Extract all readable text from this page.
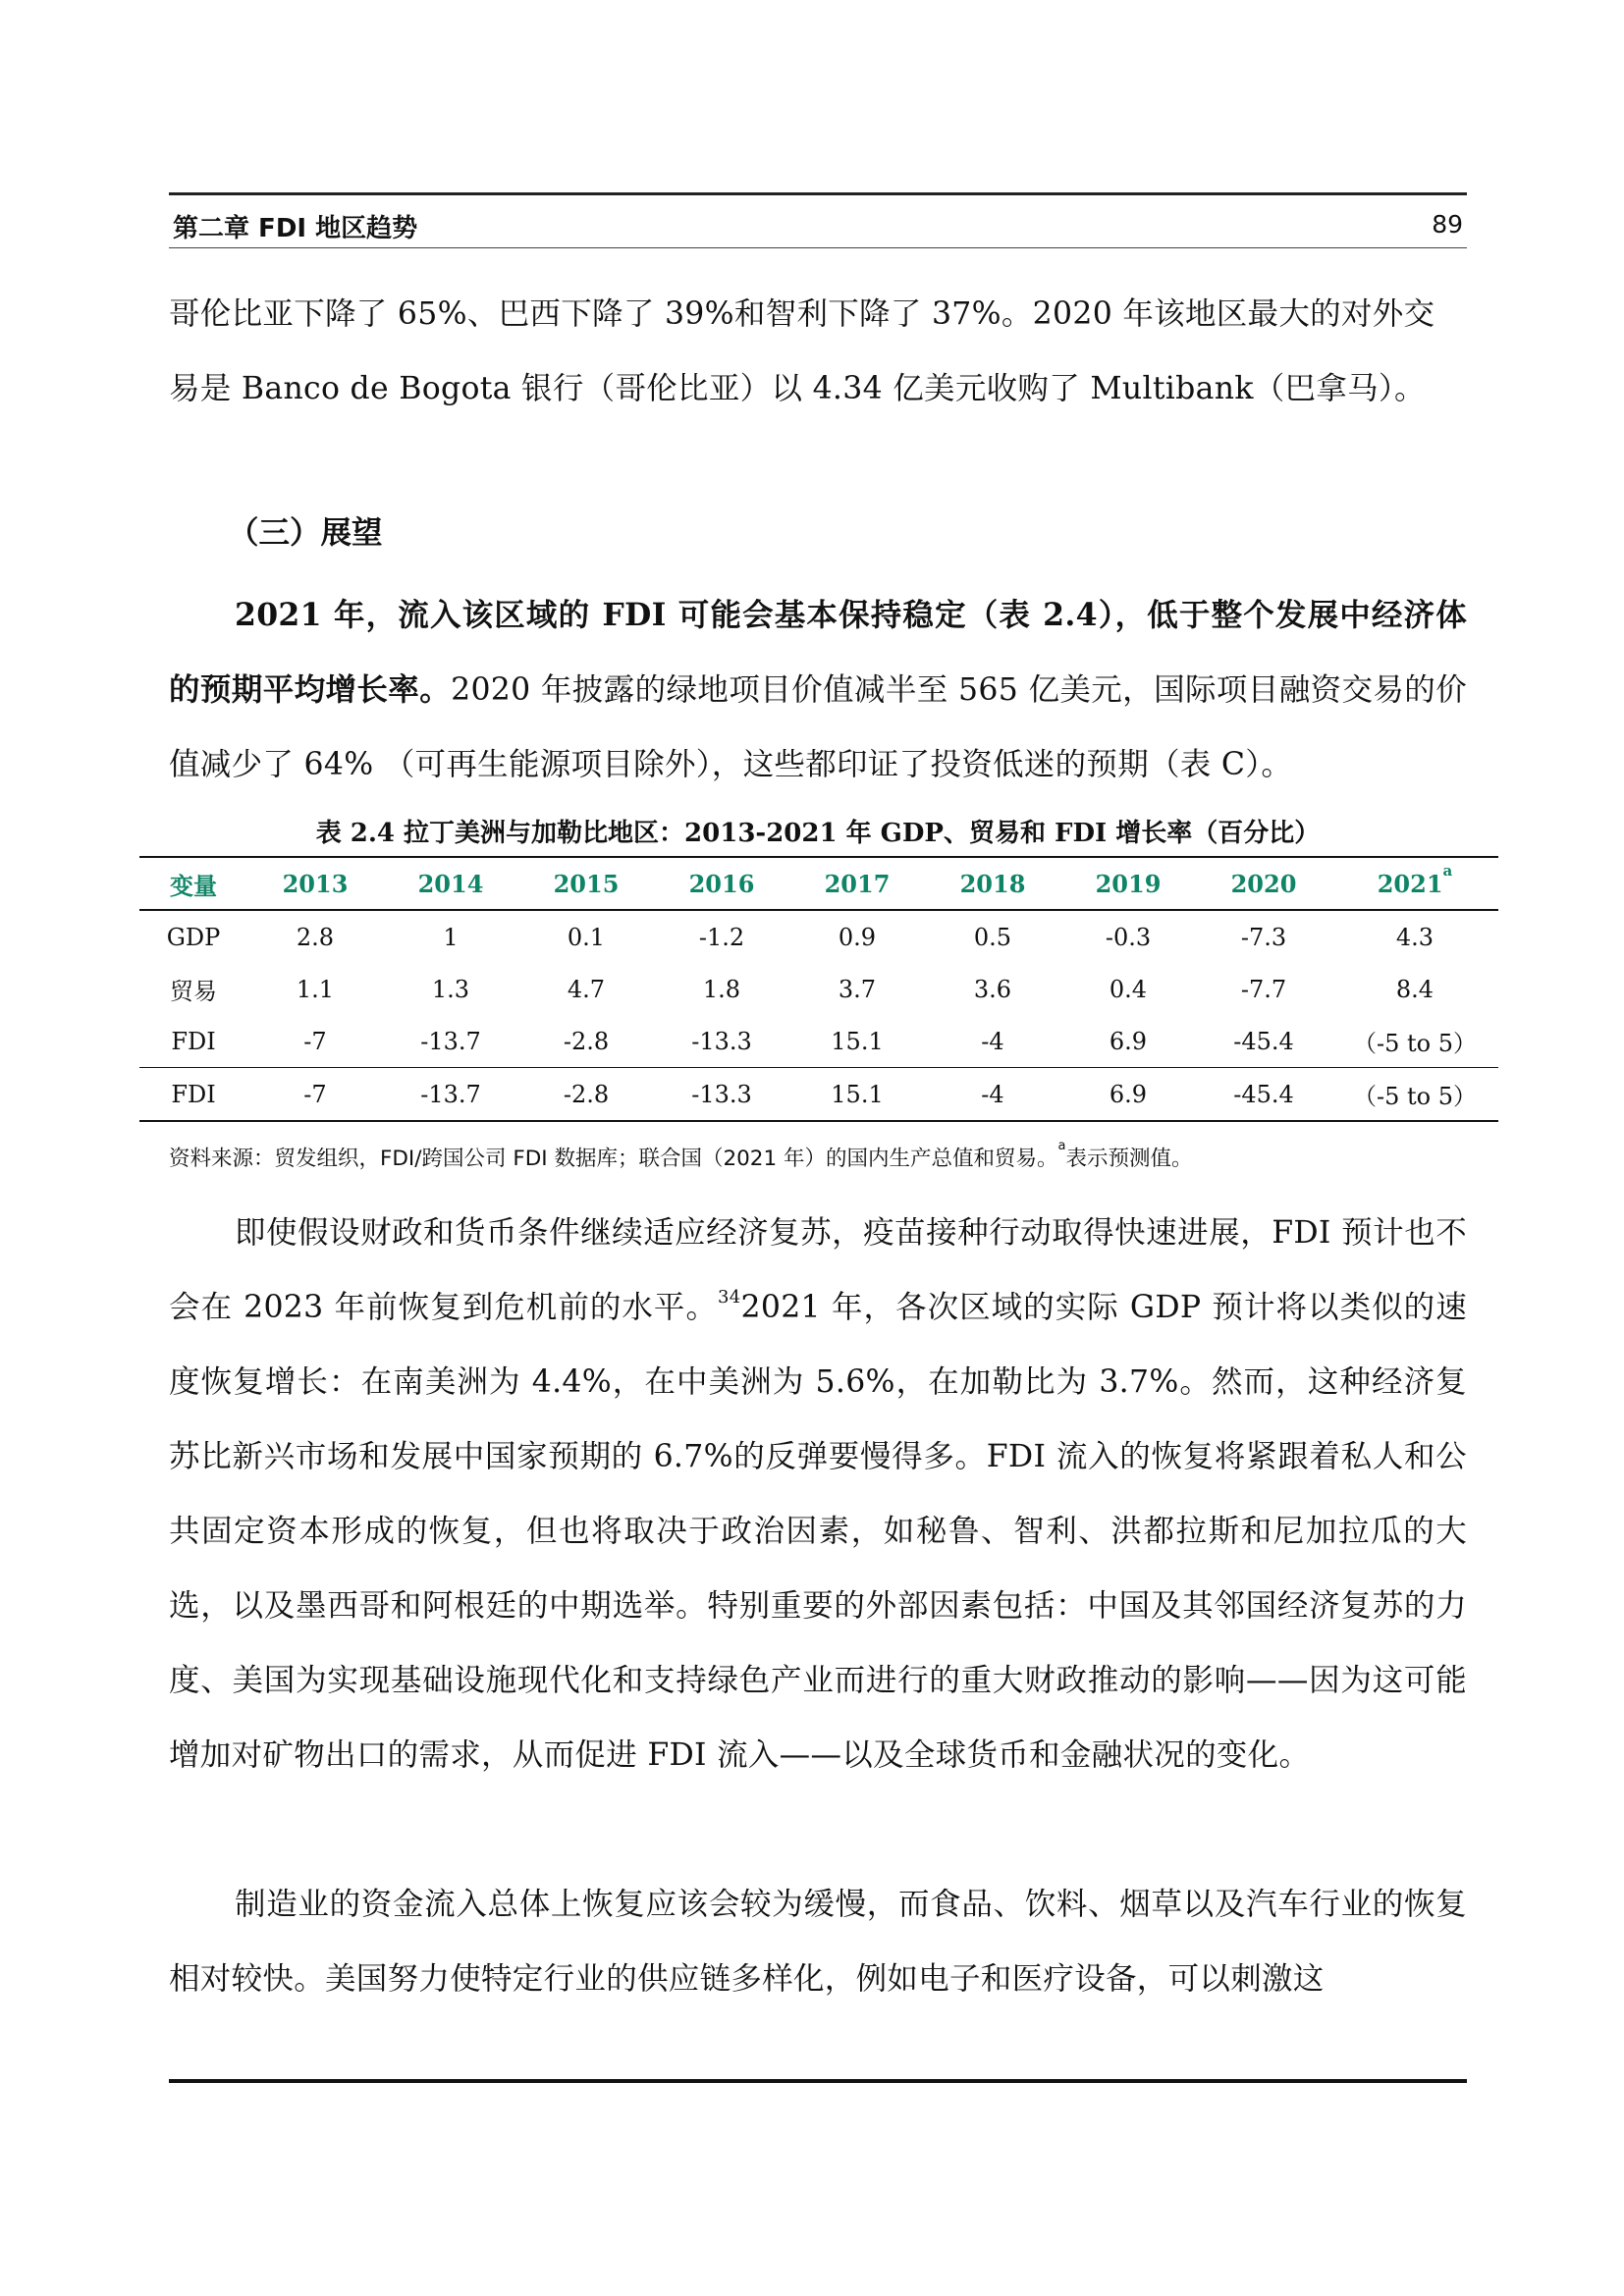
第二章 FDI 地区趋势	89

哥伦比亚下降了 65%、巴西下降了 39%和智利下降了 37%。2020 年该地区最大的对外交

易是 Banco de Bogota 银行（哥伦比亚）以 4.34 亿美元收购了 Multibank（巴拿马）。

（三）展望

2021 年，流入该区域的 FDI 可能会基本保持稳定（表 2.4），低于整个发展中经济体的预期平均增长率。2020 年披露的绿地项目价值减半至 565 亿美元，国际项目融资交易的价值减少了 64% （可再生能源项目除外），这些都印证了投资低迷的预期（表 C）。

表 2.4 拉丁美洲与加勒比地区：2013-2021 年 GDP、贸易和 FDI 增长率（百分比）
变量	2013	2014	2015	2016	2017	2018	2019	2020	2021$^a$
GDP	2.8	1	0.1	-1.2	0.9	0.5	-0.3	-7.3	4.3
贸易	1.1	1.3	4.7	1.8	3.7	3.6	0.4	-7.7	8.4
FDI	-7	-13.7	-2.8	-13.3	15.1	-4	6.9	-45.4	（-5 to 5）
FDI	-7	-13.7	-2.8	-13.3	15.1	-4	6.9	-45.4	（-5 to 5）
资料来源：贸发组织，FDI/跨国公司 FDI 数据库；联合国（2021 年）的国内生产总值和贸易。$^a$表示预测值。

即使假设财政和货币条件继续适应经济复苏，疫苗接种行动取得快速进展，FDI 预计也不会在 2023 年前恢复到危机前的水平。$^{34}$2021 年，各次区域的实际 GDP 预计将以类似的速度恢复增长：在南美洲为 4.4%，在中美洲为 5.6%，在加勒比为 3.7%。然而，这种经济复苏比新兴市场和发展中国家预期的 6.7%的反弹要慢得多。FDI 流入的恢复将紧跟着私人和公共固定资本形成的恢复，但也将取决于政治因素，如秘鲁、智利、洪都拉斯和尼加拉瓜的大选，以及墨西哥和阿根廷的中期选举。特别重要的外部因素包括：中国及其邻国经济复苏的力度、美国为实现基础设施现代化和支持绿色产业而进行的重大财政推动的影响——因为这可能增加对矿物出口的需求，从而促进 FDI 流入——以及全球货币和金融状况的变化。

制造业的资金流入总体上恢复应该会较为缓慢，而食品、饮料、烟草以及汽车行业的恢复相对较快。美国努力使特定行业的供应链多样化，例如电子和医疗设备，可以刺激这
